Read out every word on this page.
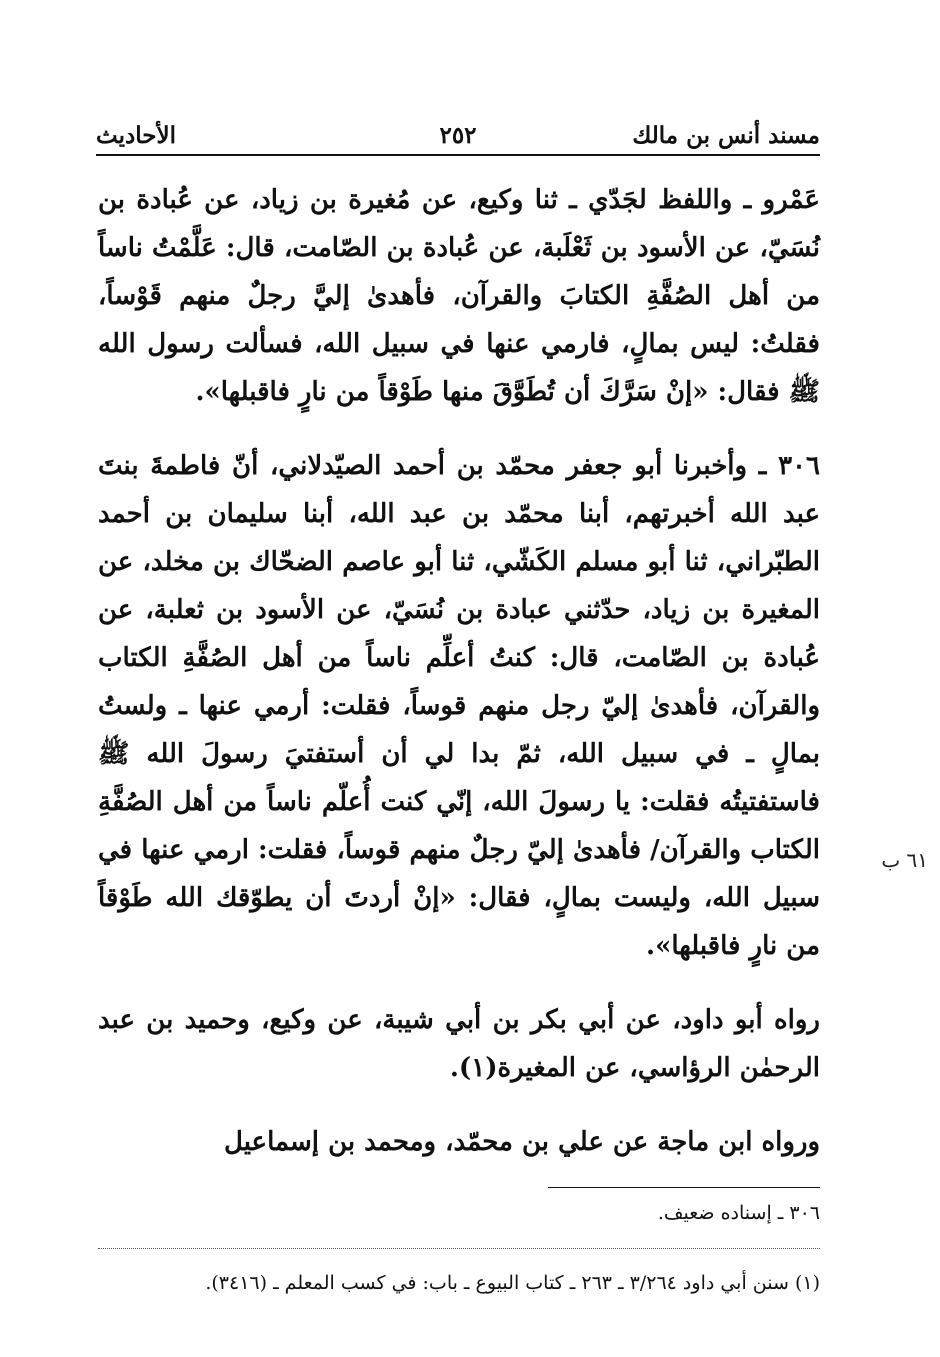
مسند أنس بن مالك
٢٥٢
الأحاديث

عَمْرو ـ واللفظ لجَدّي ـ ثنا وكيع، عن مُغيرة بن زياد، عن عُبادة بن نُسَيّ، عن الأسود بن ثَعْلَبة، عن عُبادة بن الصّامت، قال: عَلَّمْتُ ناساً من أهل الصُفَّةِ الكتابَ والقرآن، فأهدىٰ إليَّ رجلٌ منهم قَوْساً، فقلتُ: ليس بمالٍ، فارمي عنها في سبيل الله، فسألت رسول الله ﷺ فقال: «إنْ سَرَّكَ أن تُطَوَّقَ منها طَوْقاً من نارٍ فاقبلها».

٣٠٦ ـ وأخبرنا أبو جعفر محمّد بن أحمد الصيّدلاني، أنّ فاطمةَ بنتَ عبد الله أخبرتهم، أبنا محمّد بن عبد الله، أبنا سليمان بن أحمد الطبّراني، ثنا أبو مسلم الكَشّي، ثنا أبو عاصم الضحّاك بن مخلد، عن المغيرة بن زياد، حدّثني عبادة بن نُسَيّ، عن الأسود بن ثعلبة، عن عُبادة بن الصّامت، قال: كنتُ أعلِّم ناساً من أهل الصُفَّةِ الكتاب والقرآن، فأهدىٰ إليّ رجل منهم قوساً، فقلت: أرمي عنها ـ ولستُ بمالٍ ـ في سبيل الله، ثمّ بدا لي أن أستفتيَ رسولَ الله ﷺ فاستفتيتُه فقلت: يا رسولَ الله، إنّي كنت أُعلّم ناساً من أهل الصُفَّةِ الكتاب والقرآن/ فأهدىٰ إليّ رجلٌ منهم قوساً، فقلت: ارمي عنها في سبيل الله، وليست بمالٍ، فقال: «إنْ أردتَ أن يطوّقك الله طَوْقاً من نارٍ فاقبلها».

رواه أبو داود، عن أبي بكر بن أبي شيبة، عن وكيع، وحميد بن عبد الرحمٰن الرؤاسي، عن المغيرة(١).

ورواه ابن ماجة عن علي بن محمّد، ومحمد بن إسماعيل

٦١ ب
٣٠٦ ـ إسناده ضعيف.
(١) سنن أبي داود ٣/٢٦٤ ـ ٢٦٣ ـ كتاب البيوع ـ باب: في كسب المعلم ـ (٣٤١٦).
